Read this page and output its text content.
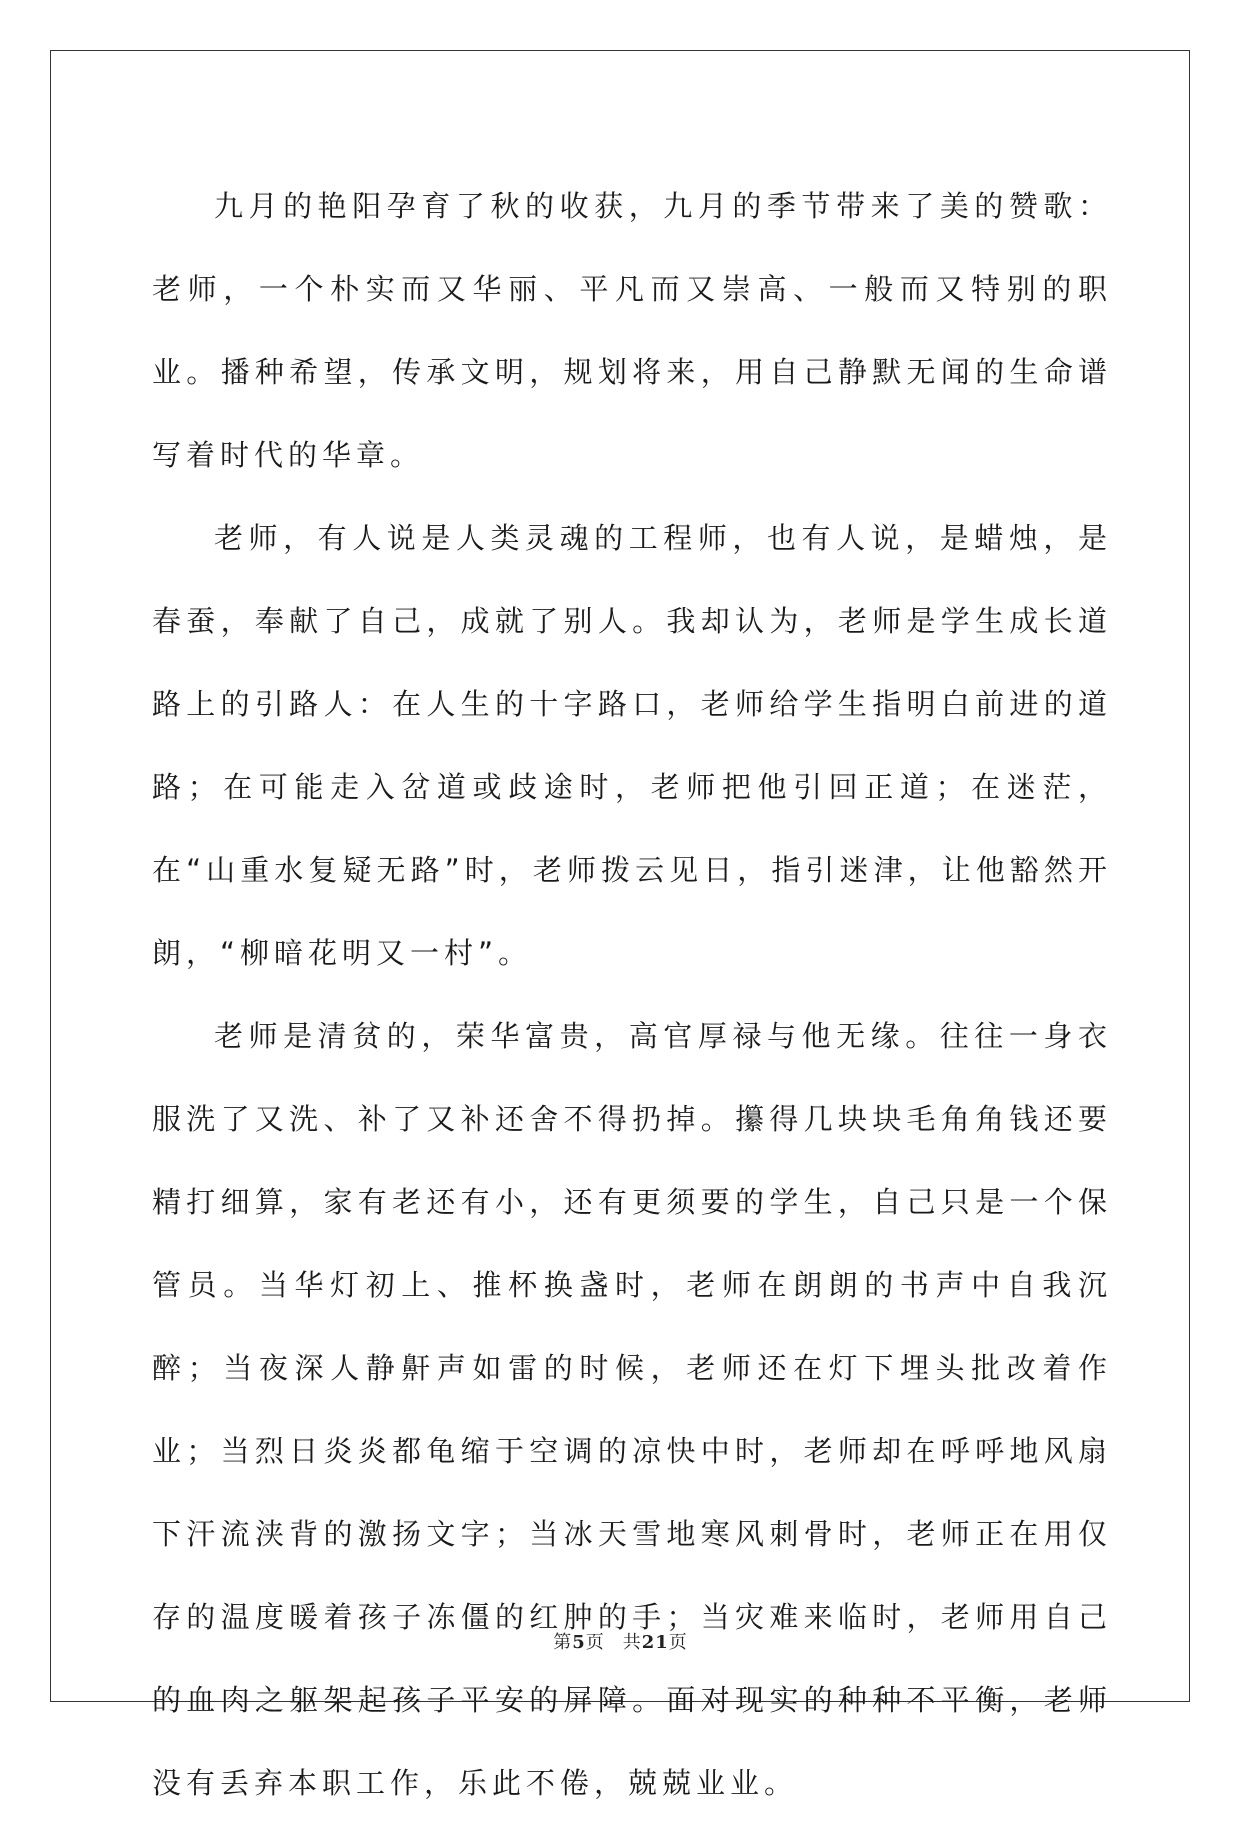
九月的艳阳孕育了秋的收获，九月的季节带来了美的赞歌：老师，一个朴实而又华丽、平凡而又崇高、一般而又特别的职业。播种希望，传承文明，规划将来，用自己静默无闻的生命谱写着时代的华章。

老师，有人说是人类灵魂的工程师，也有人说，是蜡烛，是春蚕，奉献了自己，成就了别人。我却认为，老师是学生成长道路上的引路人：在人生的十字路口，老师给学生指明白前进的道路；在可能走入岔道或歧途时，老师把他引回正道；在迷茫，在“山重水复疑无路”时，老师拨云见日，指引迷津，让他豁然开朗，“柳暗花明又一村”。

老师是清贫的，荣华富贵，高官厚禄与他无缘。往往一身衣服洗了又洗、补了又补还舍不得扔掉。攥得几块块毛角角钱还要精打细算，家有老还有小，还有更须要的学生，自己只是一个保管员。当华灯初上、推杯换盏时，老师在朗朗的书声中自我沉醉；当夜深人静鼾声如雷的时候，老师还在灯下埋头批改着作业；当烈日炎炎都龟缩于空调的凉快中时，老师却在呼呼地风扇下汗流浃背的激扬文字；当冰天雪地寒风刺骨时，老师正在用仅存的温度暖着孩子冻僵的红肿的手；当灾难来临时，老师用自己的血肉之躯架起孩子平安的屏障。面对现实的种种不平衡，老师没有丢弃本职工作，乐此不倦，兢兢业业。

第5页 共21页
